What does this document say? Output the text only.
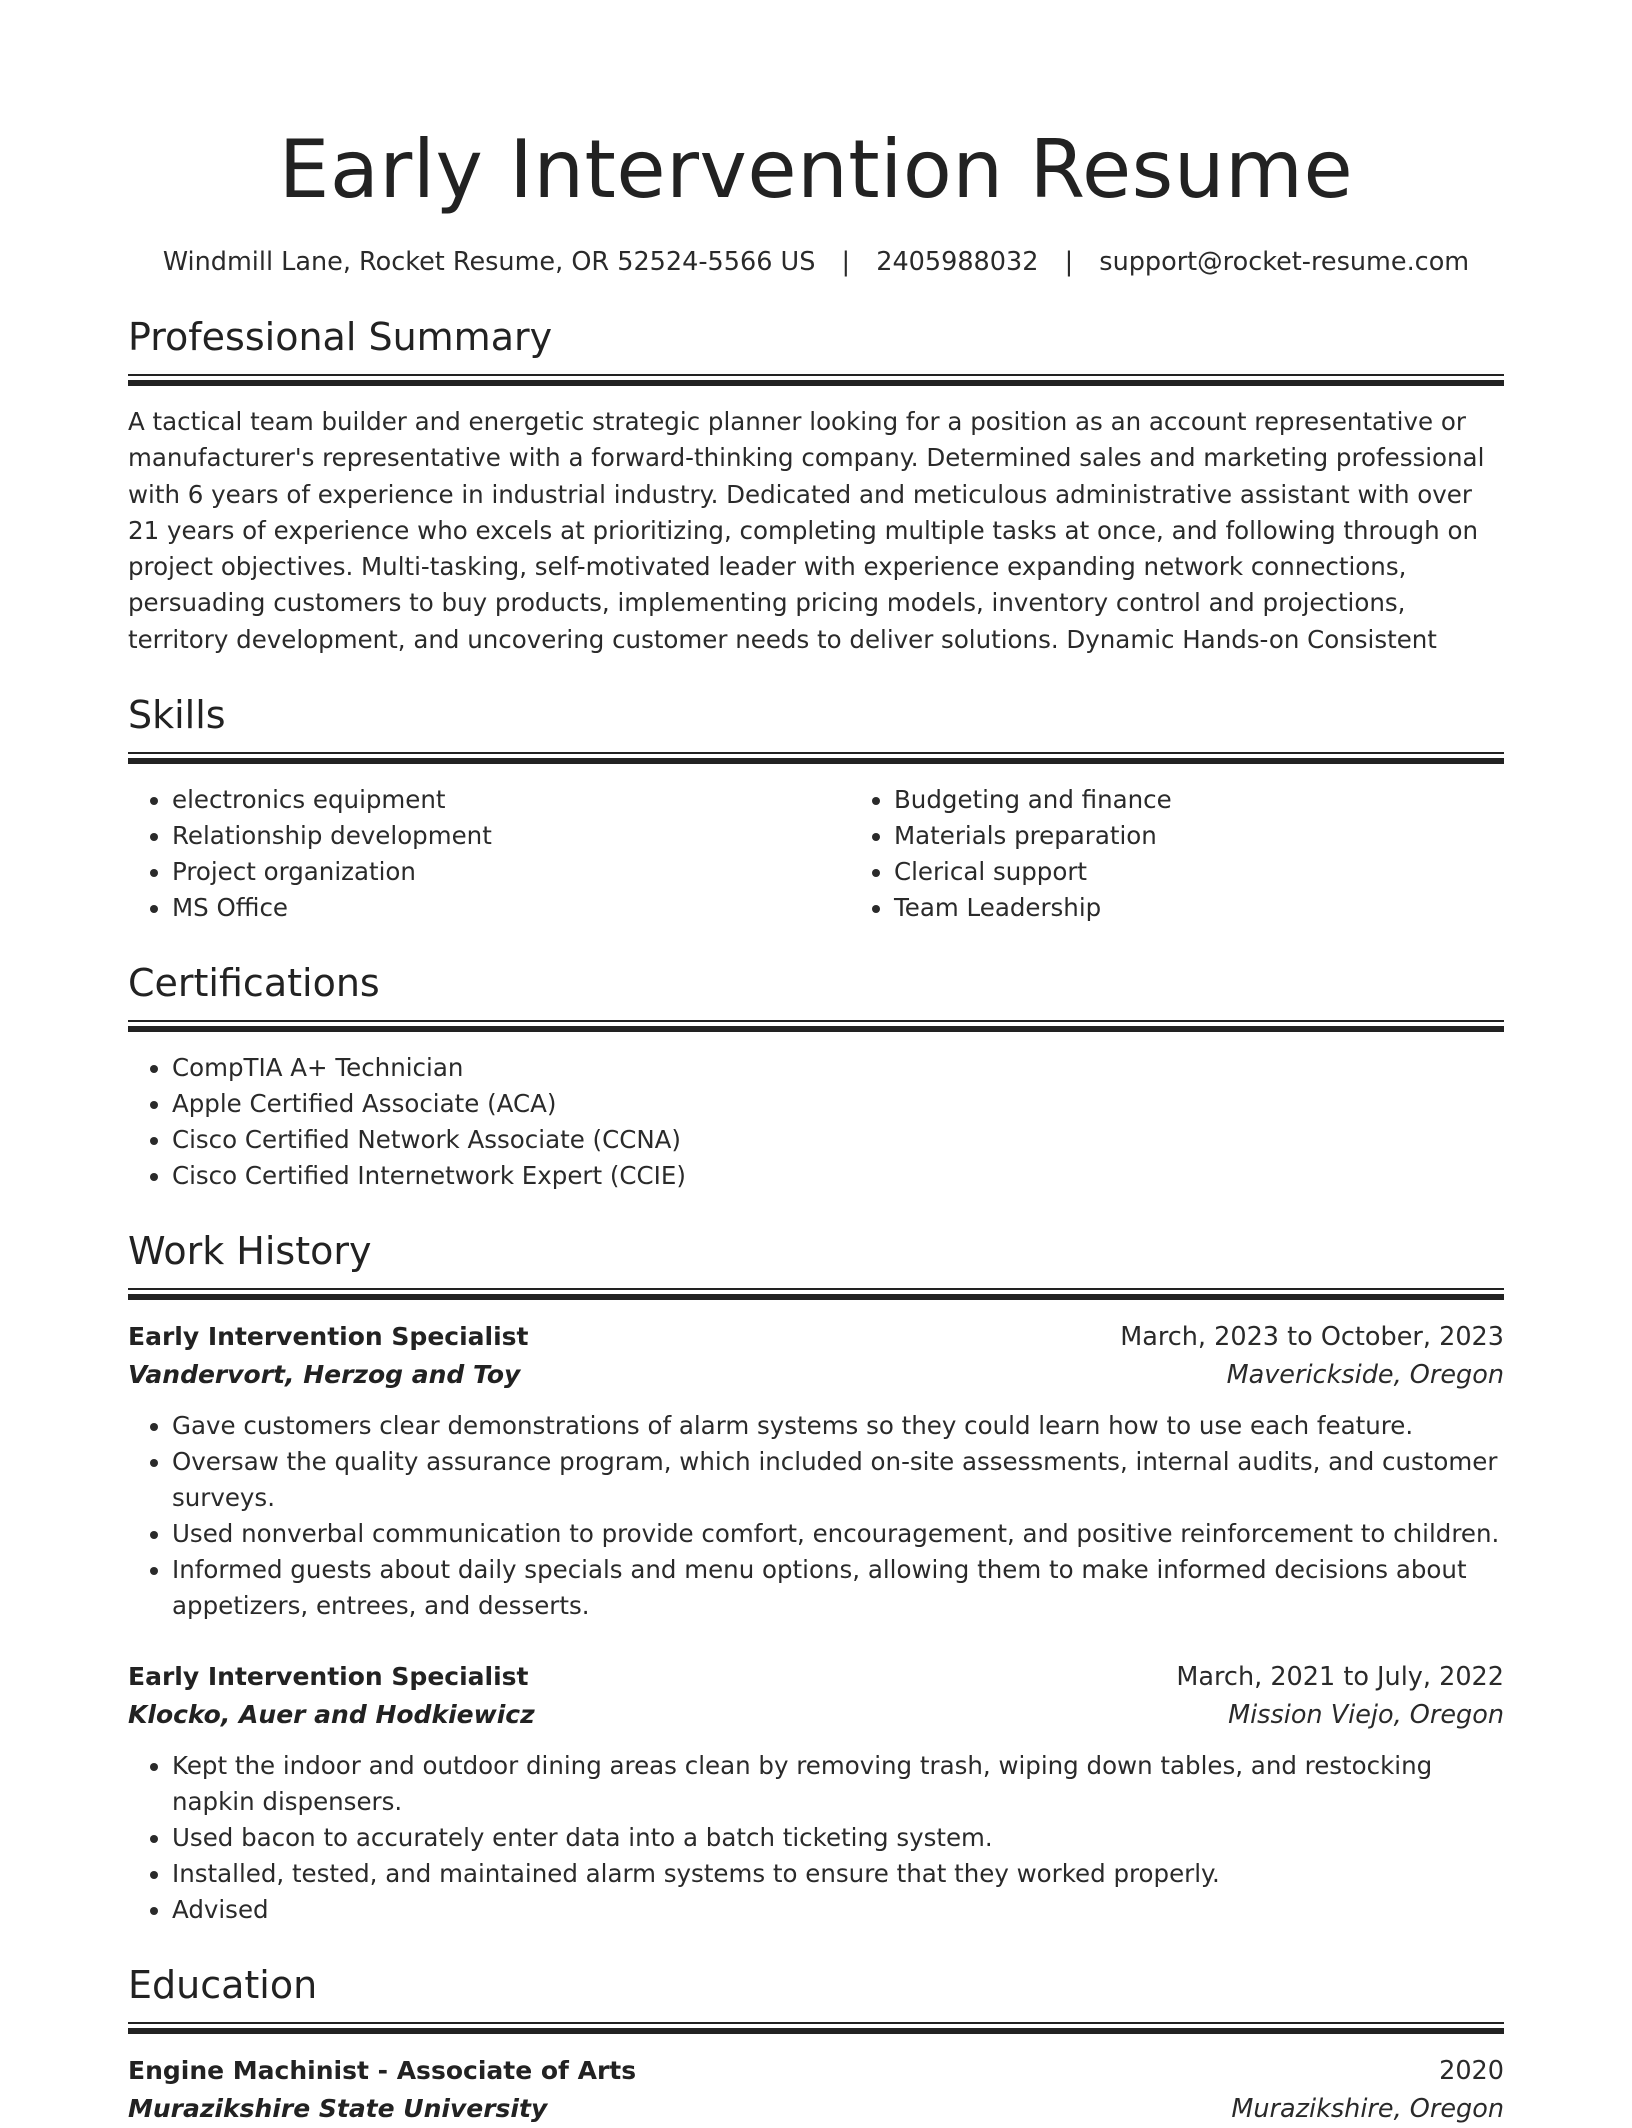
Early Intervention Resume
Windmill Lane, Rocket Resume, OR 52524-5566 US | 2405988032 | support@rocket-resume.com
Professional Summary

A tactical team builder and energetic strategic planner looking for a position as an account representative or manufacturer's representative with a forward-thinking company. Determined sales and marketing professional with 6 years of experience in industrial industry. Dedicated and meticulous administrative assistant with over 21 years of experience who excels at prioritizing, completing multiple tasks at once, and following through on project objectives. Multi-tasking, self-motivated leader with experience expanding network connections, persuading customers to buy products, implementing pricing models, inventory control and projections, territory development, and uncovering customer needs to deliver solutions. Dynamic Hands-on Consistent

Skills
• electronics equipment
• Relationship development
• Project organization
• MS Office
• Budgeting and finance
• Materials preparation
• Clerical support
• Team Leadership
Certifications
• CompTIA A+ Technician
• Apple Certified Associate (ACA)
• Cisco Certified Network Associate (CCNA)
• Cisco Certified Internetwork Expert (CCIE)
Work History
Early Intervention Specialist	March, 2023 to October, 2023
Vandervort, Herzog and Toy	Maverickside, Oregon
• Gave customers clear demonstrations of alarm systems so they could learn how to use each feature.
• Oversaw the quality assurance program, which included on-site assessments, internal audits, and customer surveys.
• Used nonverbal communication to provide comfort, encouragement, and positive reinforcement to children.
• Informed guests about daily specials and menu options, allowing them to make informed decisions about appetizers, entrees, and desserts.
Early Intervention Specialist	March, 2021 to July, 2022
Klocko, Auer and Hodkiewicz	Mission Viejo, Oregon
• Kept the indoor and outdoor dining areas clean by removing trash, wiping down tables, and restocking napkin dispensers.
• Used bacon to accurately enter data into a batch ticketing system.
• Installed, tested, and maintained alarm systems to ensure that they worked properly.
• Advised
Education
Engine Machinist - Associate of Arts	2020
Murazikshire State University	Murazikshire, Oregon
